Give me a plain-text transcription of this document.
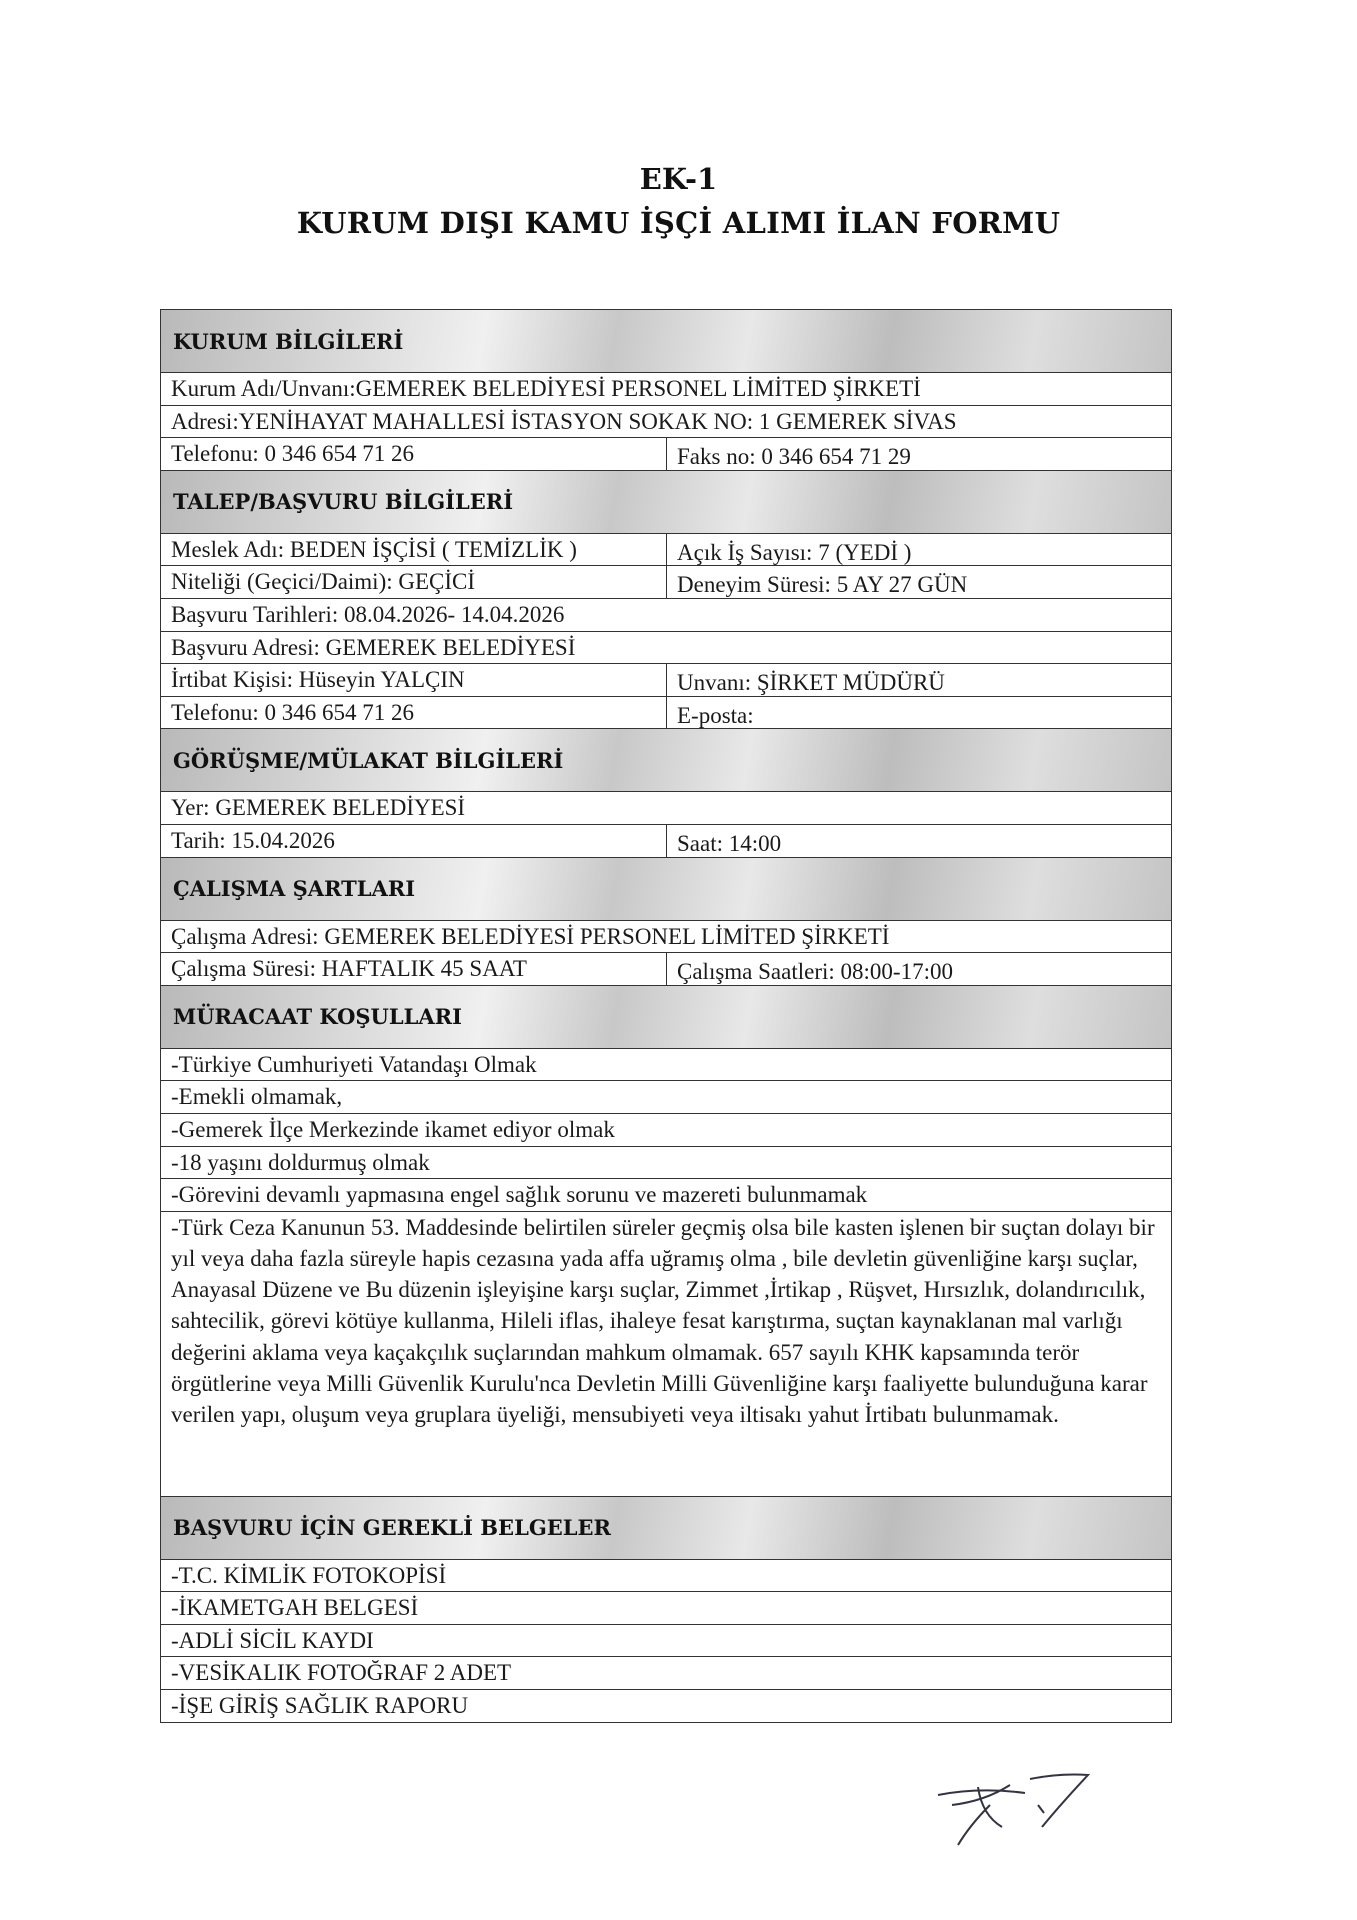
EK-1
KURUM DIŞI KAMU İŞÇİ ALIMI İLAN FORMU
KURUM BİLGİLERİ
Kurum Adı/Unvanı:GEMEREK BELEDİYESİ PERSONEL LİMİTED ŞİRKETİ
Adresi:YENİHAYAT MAHALLESİ İSTASYON SOKAK NO: 1 GEMEREK SİVAS
Telefonu: 0 346 654 71 26	Faks no: 0 346 654 71 29
TALEP/BAŞVURU BİLGİLERİ
Meslek Adı: BEDEN İŞÇİSİ ( TEMİZLİK )	Açık İş Sayısı: 7 (YEDİ )
Niteliği (Geçici/Daimi): GEÇİCİ	Deneyim Süresi: 5 AY 27 GÜN
Başvuru Tarihleri: 08.04.2026- 14.04.2026
Başvuru Adresi: GEMEREK BELEDİYESİ
İrtibat Kişisi: Hüseyin YALÇIN	Unvanı: ŞİRKET MÜDÜRÜ
Telefonu: 0 346 654 71 26	E-posta:
GÖRÜŞME/MÜLAKAT BİLGİLERİ
Yer: GEMEREK BELEDİYESİ
Tarih: 15.04.2026	Saat: 14:00
ÇALIŞMA ŞARTLARI
Çalışma Adresi: GEMEREK BELEDİYESİ PERSONEL LİMİTED ŞİRKETİ
Çalışma Süresi: HAFTALIK 45 SAAT	Çalışma Saatleri: 08:00-17:00
MÜRACAAT KOŞULLARI
-Türkiye Cumhuriyeti Vatandaşı Olmak
-Emekli olmamak,
-Gemerek İlçe Merkezinde ikamet ediyor olmak
-18 yaşını doldurmuş olmak
-Görevini devamlı yapmasına engel sağlık sorunu ve mazereti bulunmamak
-Türk Ceza Kanunun 53. Maddesinde belirtilen süreler geçmiş olsa bile kasten işlenen bir suçtan dolayı bir yıl veya daha fazla süreyle hapis cezasına yada affa uğramış olma , bile devletin güvenliğine karşı suçlar, Anayasal Düzene ve Bu düzenin işleyişine karşı suçlar, Zimmet ,İrtikap , Rüşvet, Hırsızlık, dolandırıcılık, sahtecilik, görevi kötüye kullanma, Hileli iflas, ihaleye fesat karıştırma, suçtan kaynaklanan mal varlığı değerini aklama veya kaçakçılık suçlarından mahkum olmamak. 657 sayılı KHK kapsamında terör örgütlerine veya Milli Güvenlik Kurulu'nca Devletin Milli Güvenliğine karşı faaliyette bulunduğuna karar verilen yapı, oluşum veya gruplara üyeliği, mensubiyeti veya iltisakı yahut İrtibatı bulunmamak.
BAŞVURU İÇİN GEREKLİ BELGELER
-T.C. KİMLİK FOTOKOPİSİ
-İKAMETGAH BELGESİ
-ADLİ SİCİL KAYDI
-VESİKALIK FOTOĞRAF 2 ADET
-İŞE GİRİŞ SAĞLIK RAPORU
